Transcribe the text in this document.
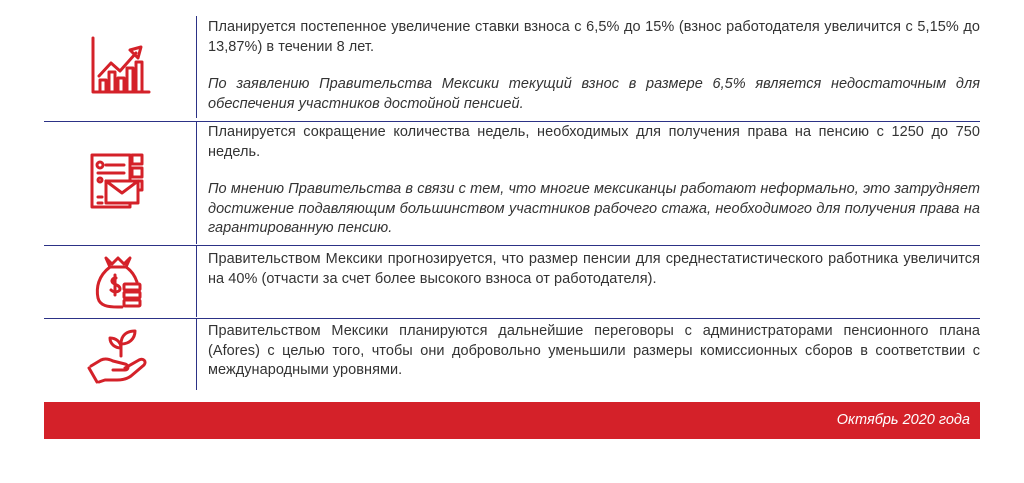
Планируется постепенное увеличение ставки взноса с 6,5% до 15% (взнос работодателя увеличится с 5,15% до 13,87%) в течении 8 лет.

По заявлению Правительства Мексики текущий взнос в размере 6,5% является недостаточным для обеспечения участников достойной пенсией.

Планируется сокращение количества недель, необходимых для получения права на пенсию с 1250 до 750 недель.

По мнению Правительства в связи с тем, что многие мексиканцы работают неформально, это затрудняет достижение подавляющим большинством участников рабочего стажа, необходимого для получения права на гарантированную пенсию.

Правительством Мексики прогнозируется, что размер пенсии для среднестатистического работника увеличится на 40% (отчасти за счет более высокого взноса от работодателя).

Правительством Мексики планируются дальнейшие переговоры с администраторами пенсионного плана (Afores) с целью того, чтобы они добровольно уменьшили размеры комиссионных сборов в соответствии с международными уровнями.

Октябрь 2020 года
